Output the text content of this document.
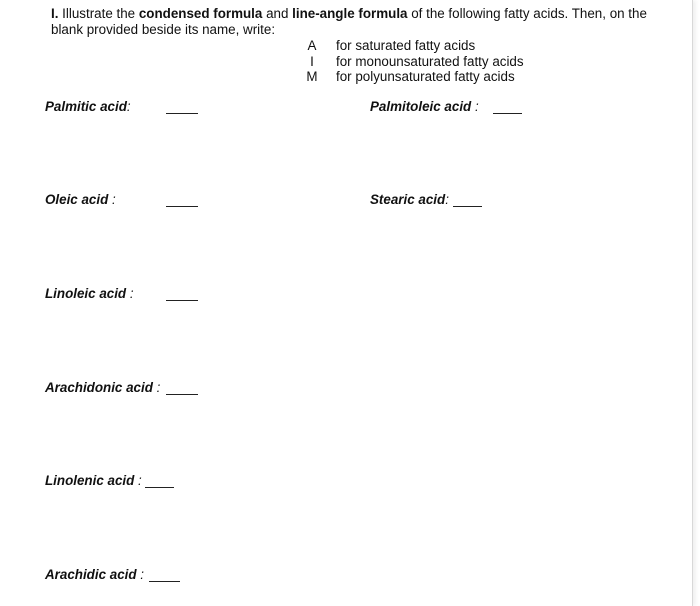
I. Illustrate the condensed formula and line-angle formula of the following fatty acids. Then, on the blank provided beside its name, write:
A	for saturated fatty acids
I	for monounsaturated fatty acids
M	for polyunsaturated fatty acids
Palmitic acid:	Palmitoleic acid :
Oleic acid :	Stearic acid:
Linoleic acid :
Arachidonic acid :
Linolenic acid :
Arachidic acid :
